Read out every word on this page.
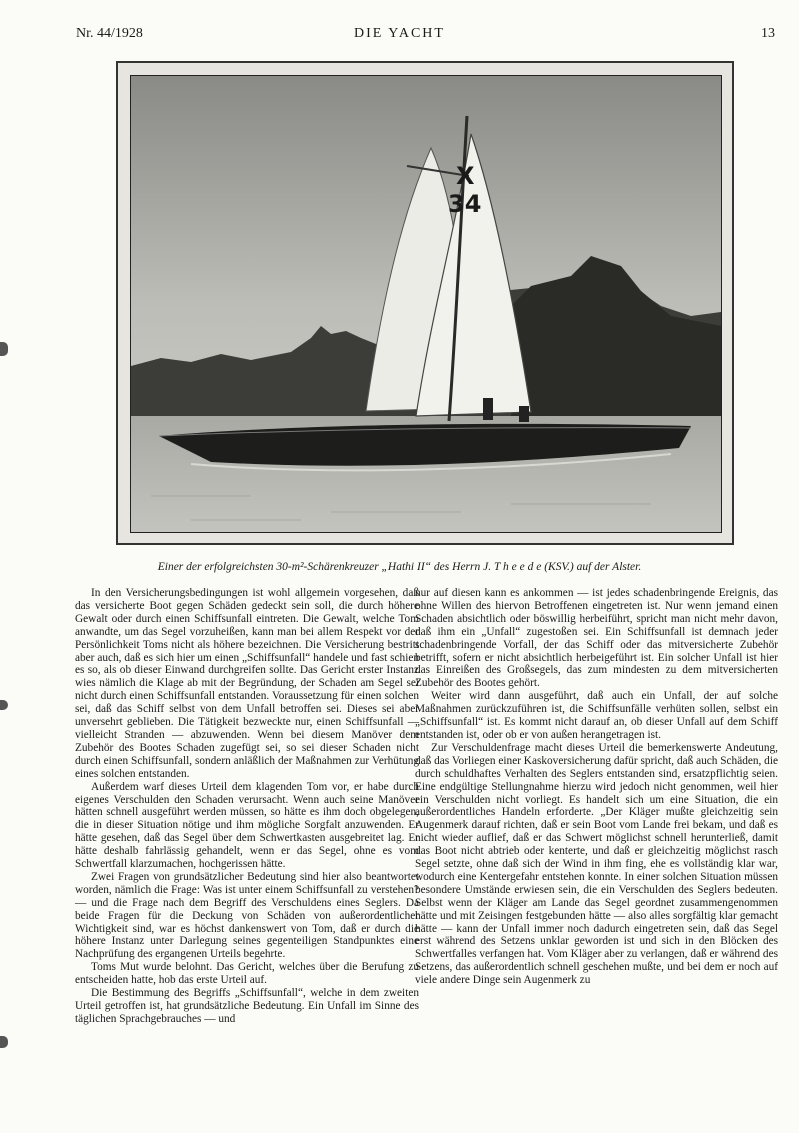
Nr. 44/1928	DIE YACHT	13
X
34
Einer der erfolgreichsten 30-m²-Schärenkreuzer „Hathi II“ des Herrn J. T h e e d e (KSV.) auf der Alster.

In den Versicherungsbedingungen ist wohl allgemein vorgesehen, daß das versicherte Boot gegen Schäden gedeckt sein soll, die durch höhere Gewalt oder durch einen Schiffsunfall eintreten. Die Gewalt, welche Tom anwandte, um das Segel vorzuheißen, kann man bei allem Respekt vor der Persönlichkeit Toms nicht als höhere bezeichnen. Die Versicherung bestritt aber auch, daß es sich hier um einen „Schiffsunfall“ handele und fast schien es so, als ob dieser Einwand durchgreifen sollte. Das Gericht erster Instanz wies nämlich die Klage ab mit der Begründung, der Schaden am Segel sei nicht durch einen Schiffsunfall entstanden. Voraussetzung für einen solchen sei, daß das Schiff selbst von dem Unfall betroffen sei. Dieses sei aber unversehrt geblieben. Die Tätigkeit bezweckte nur, einen Schiffsunfall — vielleicht Stranden — abzuwenden. Wenn bei diesem Manöver dem Zubehör des Bootes Schaden zugefügt sei, so sei dieser Schaden nicht durch einen Schiffsunfall, sondern anläßlich der Maßnahmen zur Verhütung eines solchen entstanden.

Außerdem warf dieses Urteil dem klagenden Tom vor, er habe durch eigenes Verschulden den Schaden verursacht. Wenn auch seine Manöver hätten schnell ausgeführt werden müssen, so hätte es ihm doch obgelegen, die in dieser Situation nötige und ihm mögliche Sorgfalt anzuwenden. Er hätte gesehen, daß das Segel über dem Schwertkasten ausgebreitet lag. Er hätte deshalb fahrlässig gehandelt, wenn er das Segel, ohne es vom Schwertfall klarzumachen, hochgerissen hätte.

Zwei Fragen von grundsätzlicher Bedeutung sind hier also beantwortet worden, nämlich die Frage: Was ist unter einem Schiffsunfall zu verstehen? — und die Frage nach dem Begriff des Verschuldens eines Seglers. Da beide Fragen für die Deckung von Schäden von außerordentlicher Wichtigkeit sind, war es höchst dankenswert von Tom, daß er durch die höhere Instanz unter Darlegung seines gegenteiligen Standpunktes eine Nachprüfung des ergangenen Urteils begehrte.

Toms Mut wurde belohnt. Das Gericht, welches über die Berufung zu entscheiden hatte, hob das erste Urteil auf.

Die Bestimmung des Begriffs „Schiffsunfall“, welche in dem zweiten Urteil getroffen ist, hat grundsätzliche Bedeutung. Ein Unfall im Sinne des täglichen Sprachgebrauches — und

nur auf diesen kann es ankommen — ist jedes schadenbringende Ereignis, das ohne Willen des hiervon Betroffenen eingetreten ist. Nur wenn jemand einen Schaden absichtlich oder böswillig herbeiführt, spricht man nicht mehr davon, daß ihm ein „Unfall“ zugestoßen sei. Ein Schiffsunfall ist demnach jeder schadenbringende Vorfall, der das Schiff oder das mitversicherte Zubehör betrifft, sofern er nicht absichtlich herbeigeführt ist. Ein solcher Unfall ist hier das Einreißen des Großsegels, das zum mindesten zu dem mitversicherten Zubehör des Bootes gehört.

Weiter wird dann ausgeführt, daß auch ein Unfall, der auf solche Maßnahmen zurückzuführen ist, die Schiffsunfälle verhüten sollen, selbst ein „Schiffsunfall“ ist. Es kommt nicht darauf an, ob dieser Unfall auf dem Schiff entstanden ist, oder ob er von außen herangetragen ist.

Zur Verschuldenfrage macht dieses Urteil die bemerkenswerte Andeutung, daß das Vorliegen einer Kaskoversicherung dafür spricht, daß auch Schäden, die durch schuldhaftes Verhalten des Seglers entstanden sind, ersatzpflichtig seien. Eine endgültige Stellungnahme hierzu wird jedoch nicht genommen, weil hier ein Verschulden nicht vorliegt. Es handelt sich um eine Situation, die ein außerordentliches Handeln erforderte. „Der Kläger mußte gleichzeitig sein Augenmerk darauf richten, daß er sein Boot vom Lande frei bekam, und daß es nicht wieder auflief, daß er das Schwert möglichst schnell herunterließ, damit das Boot nicht abtrieb oder kenterte, und daß er gleichzeitig möglichst rasch Segel setzte, ohne daß sich der Wind in ihm fing, ehe es vollständig klar war, wodurch eine Kentergefahr entstehen konnte. In einer solchen Situation müssen besondere Umstände erwiesen sein, die ein Verschulden des Seglers bedeuten. Selbst wenn der Kläger am Lande das Segel geordnet zusammengenommen hätte und mit Zeisingen festgebunden hätte — also alles sorgfältig klar gemacht hätte — kann der Unfall immer noch dadurch eingetreten sein, daß das Segel erst während des Setzens unklar geworden ist und sich in den Blöcken des Schwertfalles verfangen hat. Vom Kläger aber zu verlangen, daß er während des Setzens, das außerordentlich schnell geschehen mußte, und bei dem er noch auf viele andere Dinge sein Augenmerk zu
